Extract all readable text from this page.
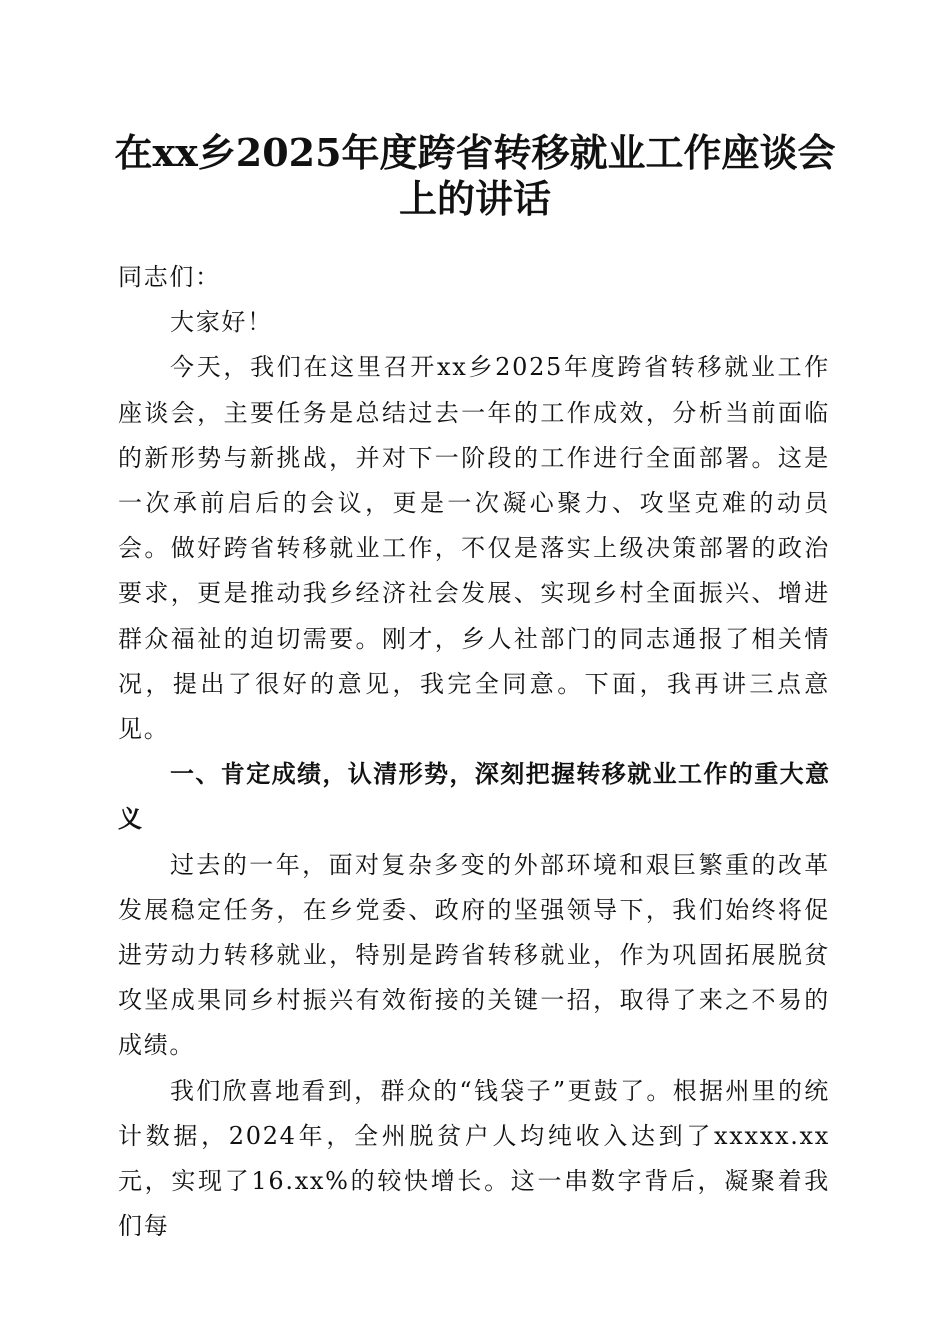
在xx乡2025年度跨省转移就业工作座谈会上的讲话

同志们：

大家好！

今天，我们在这里召开xx乡2025年度跨省转移就业工作座谈会，主要任务是总结过去一年的工作成效，分析当前面临的新形势与新挑战，并对下一阶段的工作进行全面部署。这是一次承前启后的会议，更是一次凝心聚力、攻坚克难的动员会。做好跨省转移就业工作，不仅是落实上级决策部署的政治要求，更是推动我乡经济社会发展、实现乡村全面振兴、增进群众福祉的迫切需要。刚才，乡人社部门的同志通报了相关情况，提出了很好的意见，我完全同意。下面，我再讲三点意见。

一、肯定成绩，认清形势，深刻把握转移就业工作的重大意义

过去的一年，面对复杂多变的外部环境和艰巨繁重的改革发展稳定任务，在乡党委、政府的坚强领导下，我们始终将促进劳动力转移就业，特别是跨省转移就业，作为巩固拓展脱贫攻坚成果同乡村振兴有效衔接的关键一招，取得了来之不易的成绩。

我们欣喜地看到，群众的“钱袋子”更鼓了。根据州里的统计数据，2024年，全州脱贫户人均纯收入达到了xxxxx.xx元，实现了16.xx%的较快增长。这一串数字背后，凝聚着我们每
